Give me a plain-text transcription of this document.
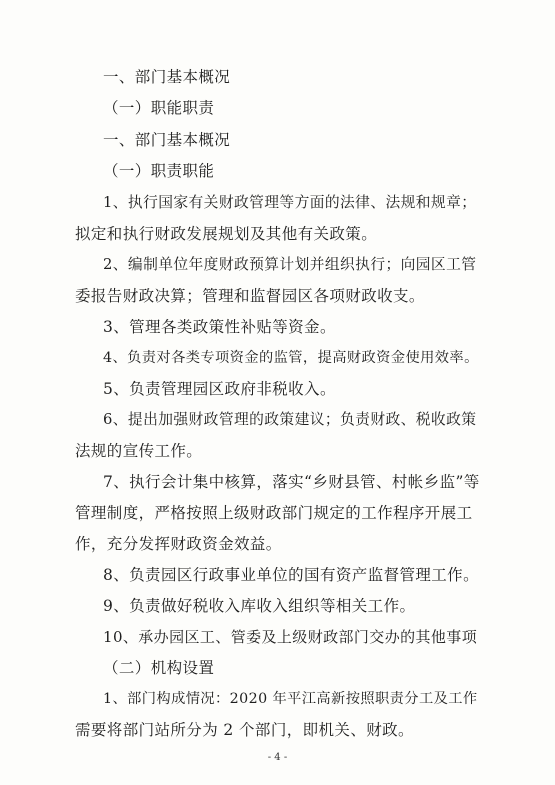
一、部门基本概况
（一）职能职责
一、部门基本概况
（一）职责职能
1、执行国家有关财政管理等方面的法律、法规和规章；
拟定和执行财政发展规划及其他有关政策。
2、编制单位年度财政预算计划并组织执行；向园区工管
委报告财政决算；管理和监督园区各项财政收支。
3、管理各类政策性补贴等资金。
4、负责对各类专项资金的监管，提高财政资金使用效率。
5、负责管理园区政府非税收入。
6、提出加强财政管理的政策建议；负责财政、税收政策
法规的宣传工作。
7、执行会计集中核算，落实“乡财县管、村帐乡监”等
管理制度，严格按照上级财政部门规定的工作程序开展工
作，充分发挥财政资金效益。
8、负责园区行政事业单位的国有资产监督管理工作。
9、负责做好税收入库收入组织等相关工作。
10、承办园区工、管委及上级财政部门交办的其他事项
（二）机构设置
1、部门构成情况：2020 年平江高新按照职责分工及工作
需要将部门站所分为 2 个部门，即机关、财政。
- 4 -
